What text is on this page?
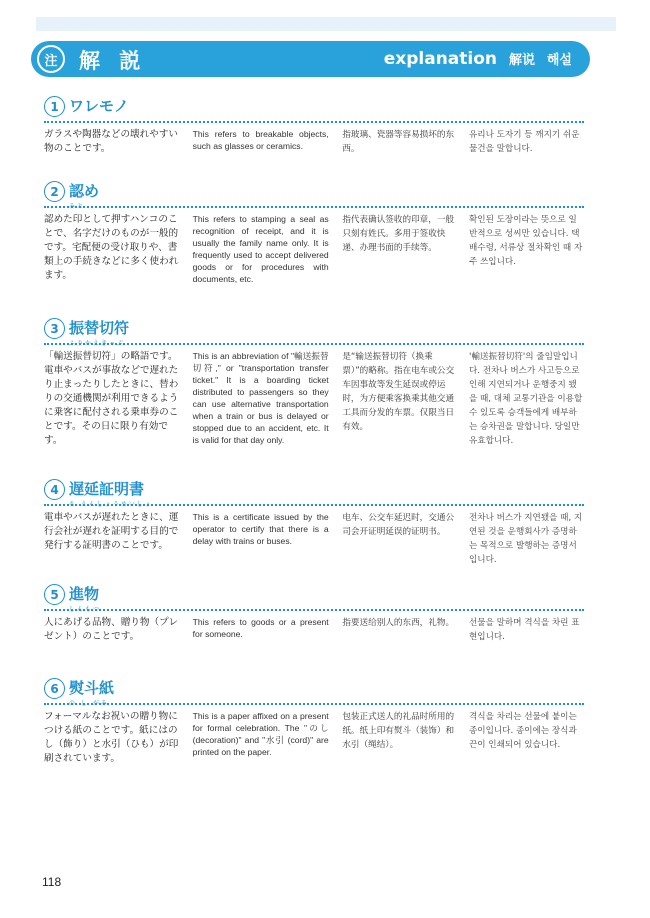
注	解 説	explanation 解说 해설
1 ワレモノ
ガラスや陶器などの壊れやすい物のことです。
This refers to breakable objects, such as glasses or ceramics.
指玻璃、瓷器等容易损坏的东西。
유리나 도자기 등 깨지기 쉬운 물건을 말합니다.
2 認め
みと
認めた印として押すハンコのことで、名字だけのものが一般的です。宅配便の受け取りや、書類上の手続きなどに多く使われます。
This refers to stamping a seal as recognition of receipt, and it is usually the family name only. It is frequently used to accept delivered goods or for procedures with documents, etc.
指代表确认签收的印章，一般只刻有姓氏。多用于签收快递、办理书面的手续等。
확인된 도장이라는 뜻으로 일반적으로 성씨만 있습니다. 택배수령, 서류상 절차확인 때 자주 쓰입니다.
3 振替切符
ふりかえきっぷ
「輸送振替切符」の略語です。電車やバスが事故などで遅れたり止まったりしたときに、替わりの交通機関が利用できるように乗客に配付される乗車券のことです。その日に限り有効です。
This is an abbreviation of "輸送振替切符," or "transportation transfer ticket." It is a boarding ticket distributed to passengers so they can use alternative transportation when a train or bus is delayed or stopped due to an accident, etc. It is valid for that day only.
是“输送振替切符（换乘票）”的略称。指在电车或公交车因事故等发生延误或停运时，为方便乘客换乘其他交通工具而分发的车票。仅限当日有效。
'輸送振替切符'의 줄임말입니다. 전차나 버스가 사고등으로 인해 지연되거나 운행중지 됐을 때, 대체 교통기관을 이용할 수 있도록 승객들에게 배부하는 승차권을 말합니다. 당일만 유효합니다.
4 遅延証明書
ち えんしょうめいしょ
電車やバスが遅れたときに、運行会社が遅れを証明する目的で発行する証明書のことです。
This is a certificate issued by the operator to certify that there is a delay with trains or buses.
电车、公交车延迟时，交通公司会开证明延误的证明书。
전차나 버스가 지연됐을 때, 지연된 것을 운행회사가 증명하는 목적으로 발행하는 증명서입니다.
5 進物
しんもつ
人にあげる品物、贈り物（プレゼント）のことです。
This refers to goods or a present for someone.
指要送给别人的东西，礼物。 선물을 말하며 격식을 차린 표현입니다.
6 熨斗紙
の し がみ
フォーマルなお祝いの贈り物につける紙のことです。紙にはのし（飾り）と水引（ひも）が印刷されています。
This is a paper affixed on a present for formal celebration. The "のし (decoration)" and "水引 (cord)" are printed on the paper.
包装正式送人的礼品时所用的纸。纸上印有熨斗（装饰）和水引（绳结）。
격식을 차리는 선물에 붙이는 종이입니다. 종이에는 장식과 끈이 인쇄되어 있습니다.
118
